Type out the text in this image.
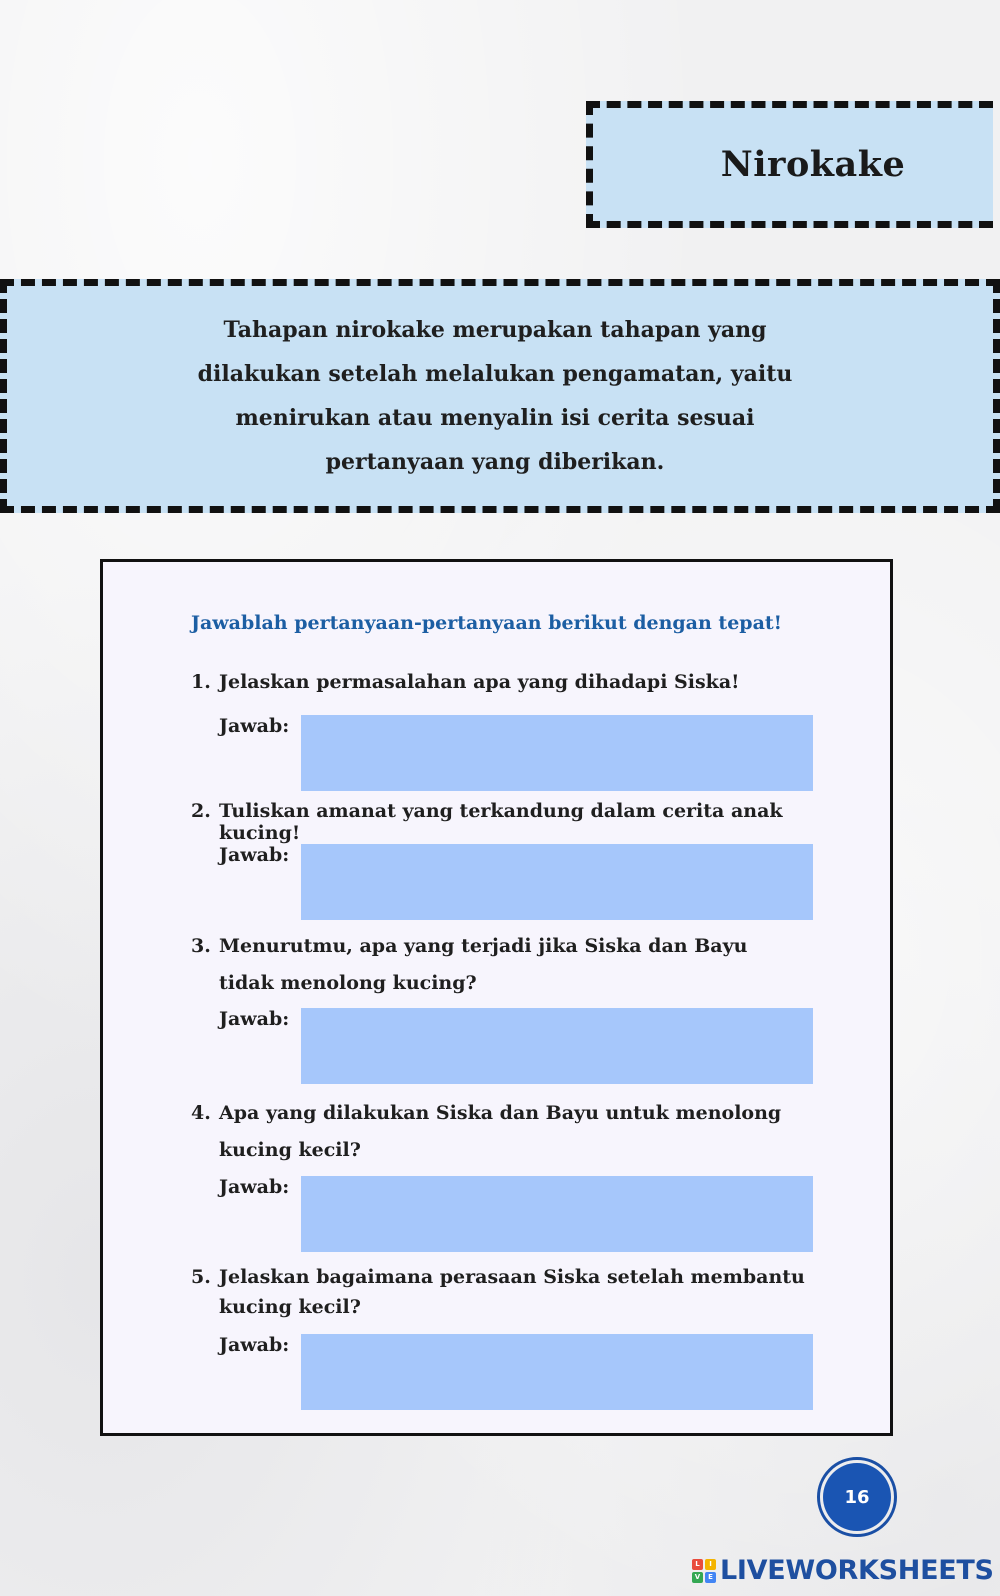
Nirokake
Tahapan nirokake merupakan tahapan yang dilakukan setelah melalukan pengamatan, yaitu menirukan atau menyalin isi cerita sesuai pertanyaan yang diberikan.
Jawablah pertanyaan-pertanyaan berikut dengan tepat!
1. Jelaskan permasalahan apa yang dihadapi Siska!
Jawab:
2. Tuliskan amanat yang terkandung dalam cerita anak kucing!
Jawab:
3. Menurutmu, apa yang terjadi jika Siska dan Bayu tidak menolong kucing?
Jawab:
4. Apa yang dilakukan Siska dan Bayu untuk menolong kucing kecil?
Jawab:
5. Jelaskan bagaimana perasaan Siska setelah membantu kucing kecil?
Jawab:
16
L	I
V	E LIVEWORKSHEETS
